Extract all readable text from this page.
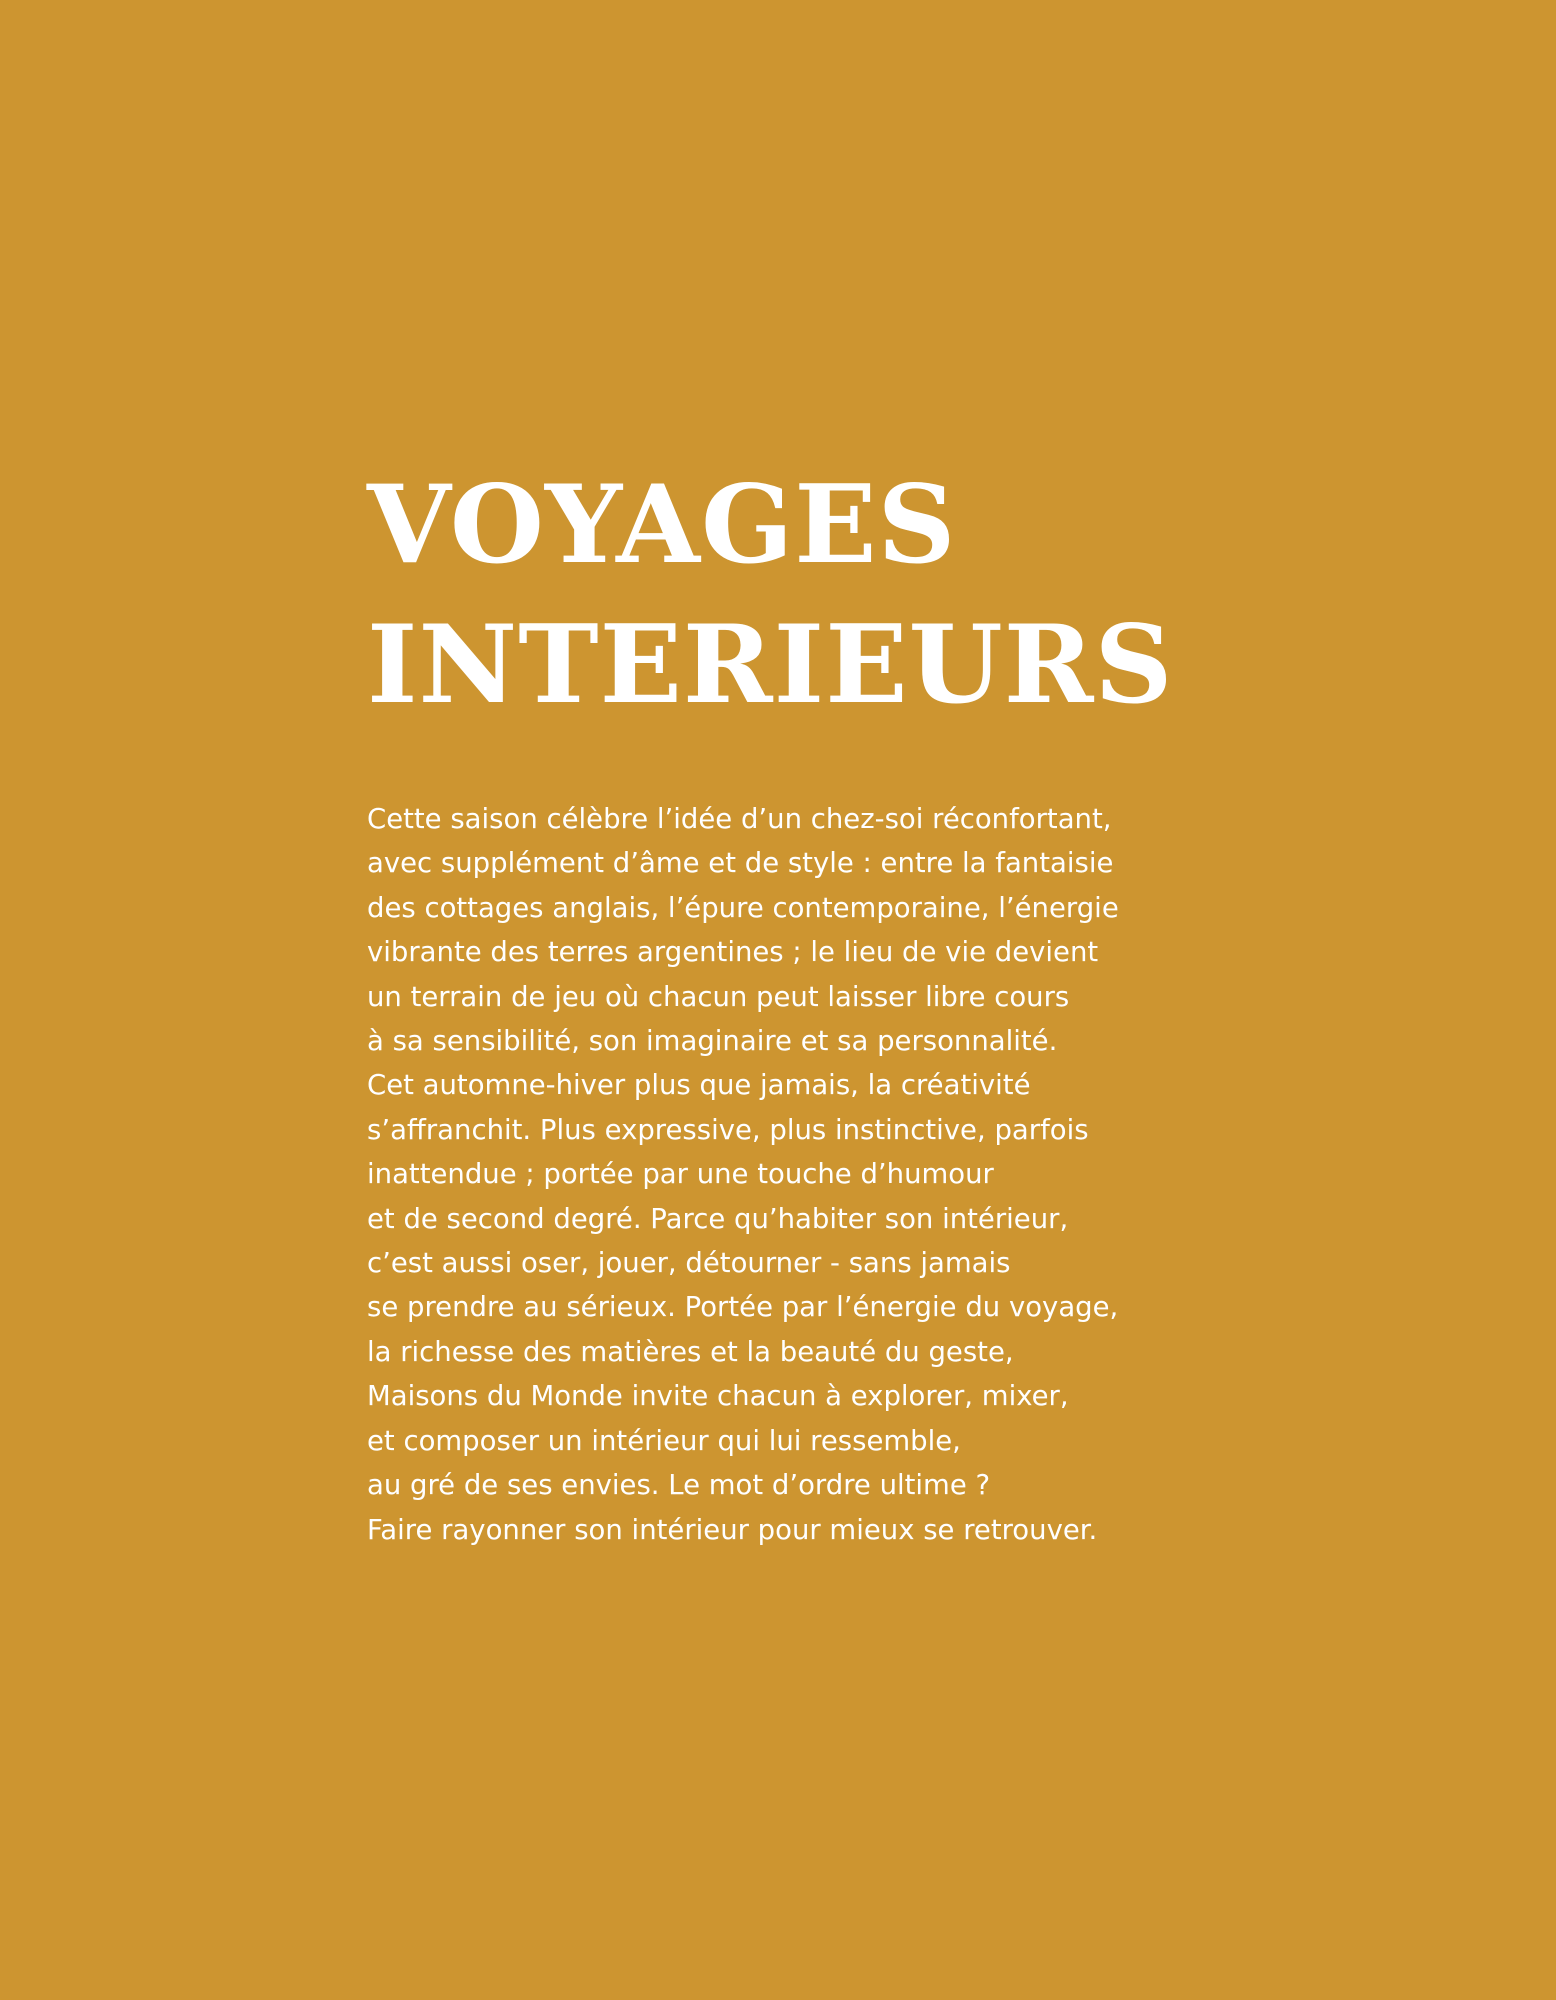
VOYAGES
INTERIEURS
Cette saison célèbre l’idée d’un chez-soi réconfortant,
avec supplément d’âme et de style : entre la fantaisie
des cottages anglais, l’épure contemporaine, l’énergie
vibrante des terres argentines ; le lieu de vie devient
un terrain de jeu où chacun peut laisser libre cours
à sa sensibilité, son imaginaire et sa personnalité.
Cet automne-hiver plus que jamais, la créativité
s’affranchit. Plus expressive, plus instinctive, parfois
inattendue ; portée par une touche d’humour
et de second degré. Parce qu’habiter son intérieur,
c’est aussi oser, jouer, détourner - sans jamais
se prendre au sérieux. Portée par l’énergie du voyage,
la richesse des matières et la beauté du geste,
Maisons du Monde invite chacun à explorer, mixer,
et composer un intérieur qui lui ressemble,
au gré de ses envies. Le mot d’ordre ultime ?
Faire rayonner son intérieur pour mieux se retrouver.
